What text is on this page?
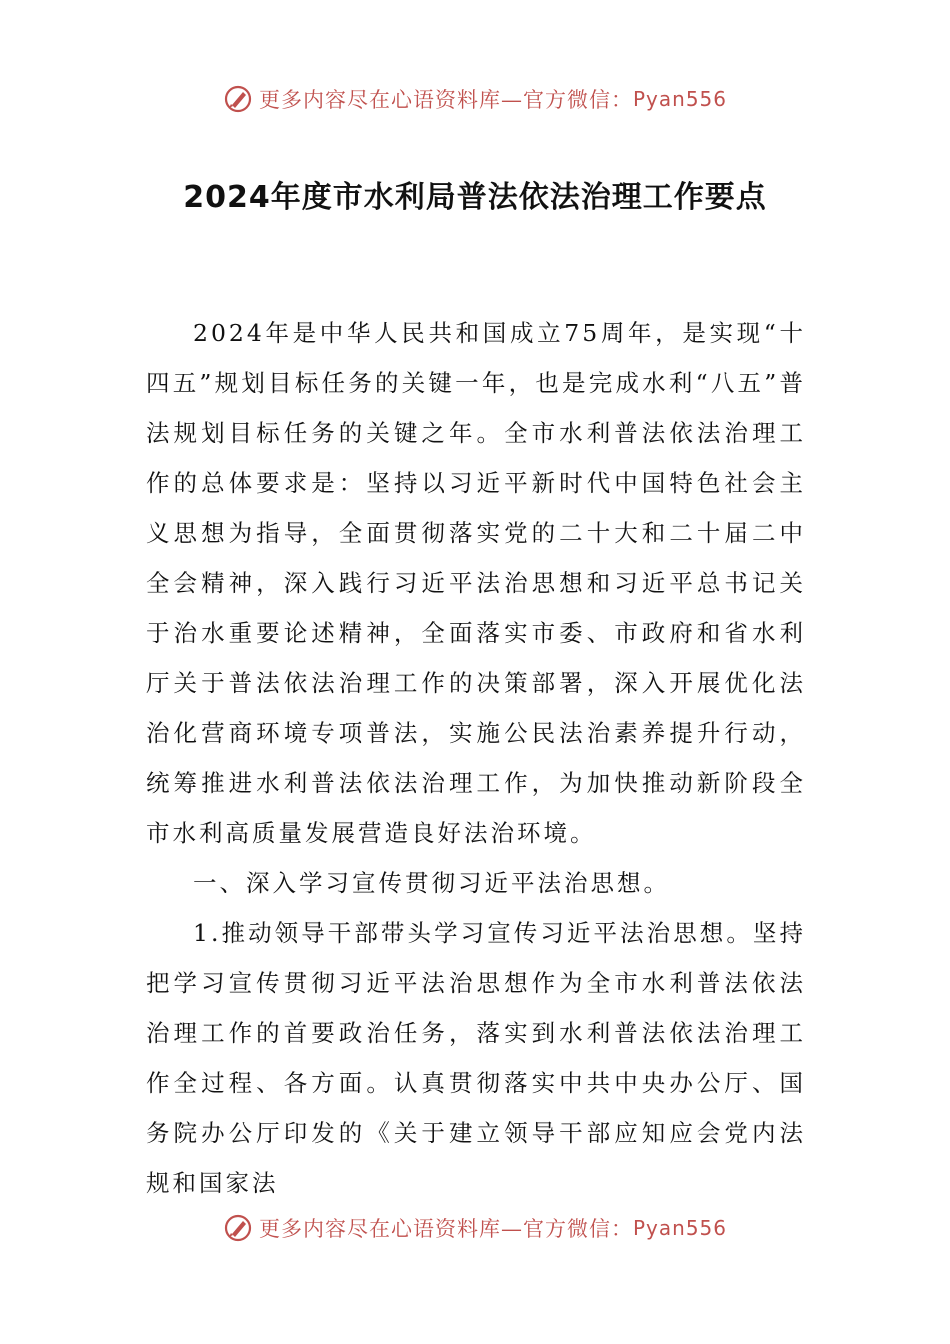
更多内容尽在心语资料库—官方微信： Pyan556
2024年度市水利局普法依法治理工作要点

2024年是中华人民共和国成立75周年，是实现“十四五”规划目标任务的关键一年，也是完成水利“八五”普法规划目标任务的关键之年。全市水利普法依法治理工作的总体要求是：坚持以习近平新时代中国特色社会主义思想为指导，全面贯彻落实党的二十大和二十届二中全会精神，深入践行习近平法治思想和习近平总书记关于治水重要论述精神，全面落实市委、市政府和省水利厅关于普法依法治理工作的决策部署，深入开展优化法治化营商环境专项普法，实施公民法治素养提升行动，统筹推进水利普法依法治理工作，为加快推动新阶段全市水利高质量发展营造良好法治环境。

一、深入学习宣传贯彻习近平法治思想。

1.推动领导干部带头学习宣传习近平法治思想。坚持把学习宣传贯彻习近平法治思想作为全市水利普法依法治理工作的首要政治任务，落实到水利普法依法治理工作全过程、各方面。认真贯彻落实中共中央办公厅、国务院办公厅印发的《关于建立领导干部应知应会党内法规和国家法

更多内容尽在心语资料库—官方微信： Pyan556
